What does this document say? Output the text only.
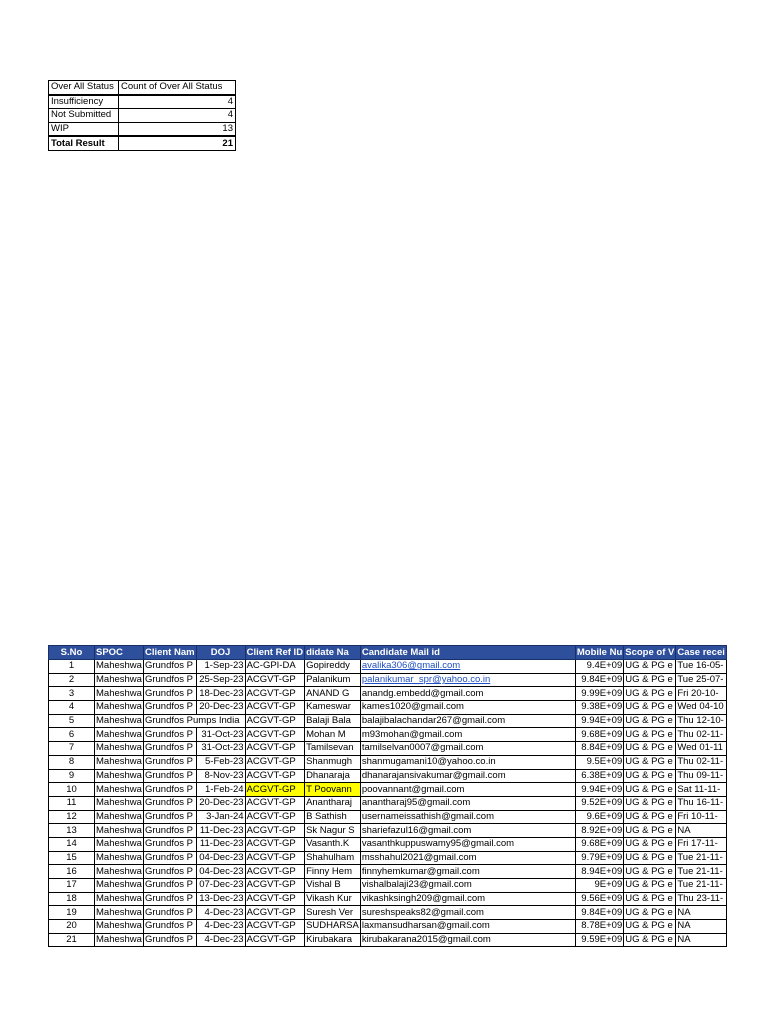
Over All Status	Count of Over All Status
Insufficiency	4
Not Submitted	4
WIP	13
Total Result	21
S.No	SPOC	Client Nam	DOJ	Client Ref ID	didate Na	Candidate Mail id	Mobile Nu	Scope of V	Case recei
1	Maheshwa	Grundfos P	1-Sep-23	AC-GPI-DA	Gopireddy	avalika306@gmail.com	9.4E+09	UG & PG e	Tue 16-05-
2	Maheshwa	Grundfos P	25-Sep-23	ACGVT-GP	Palanikum	palanikumar_spr@yahoo.co.in	9.84E+09	UG & PG e	Tue 25-07-
3	Maheshwa	Grundfos P	18-Dec-23	ACGVT-GP	ANAND G	anandg.embedd@gmail.com	9.99E+09	UG & PG e	Fri 20-10-
4	Maheshwa	Grundfos P	20-Dec-23	ACGVT-GP	Kameswar	kames1020@gmail.com	9.38E+09	UG & PG e	Wed 04-10
5	Maheshwa	Grundfos Pumps India		ACGVT-GP	Balaji Bala	balajibalachandar267@gmail.com	9.94E+09	UG & PG e	Thu 12-10-
6	Maheshwa	Grundfos P	31-Oct-23	ACGVT-GP	Mohan M	m93mohan@gmail.com	9.68E+09	UG & PG e	Thu 02-11-
7	Maheshwa	Grundfos P	31-Oct-23	ACGVT-GP	Tamilsevan	tamilselvan0007@gmail.com	8.84E+09	UG & PG e	Wed 01-11
8	Maheshwa	Grundfos P	5-Feb-23	ACGVT-GP	Shanmugh	shanmugamani10@yahoo.co.in	9.5E+09	UG & PG e	Thu 02-11-
9	Maheshwa	Grundfos P	8-Nov-23	ACGVT-GP	Dhanaraja	dhanarajansivakumar@gmail.com	6.38E+09	UG & PG e	Thu 09-11-
10	Maheshwa	Grundfos P	1-Feb-24	ACGVT-GP	T Poovann	poovannant@gmail.com	9.94E+09	UG & PG e	Sat 11-11-
11	Maheshwa	Grundfos P	20-Dec-23	ACGVT-GP	Anantharaj	anantharaj95@gmail.com	9.52E+09	UG & PG e	Thu 16-11-
12	Maheshwa	Grundfos P	3-Jan-24	ACGVT-GP	B Sathish	usernameissathish@gmail.com	9.6E+09	UG & PG e	Fri 10-11-
13	Maheshwa	Grundfos P	11-Dec-23	ACGVT-GP	Sk Nagur S	shariefazul16@gmail.com	8.92E+09	UG & PG e	NA
14	Maheshwa	Grundfos P	11-Dec-23	ACGVT-GP	Vasanth.K	vasanthkuppuswamy95@gmail.com	9.68E+09	UG & PG e	Fri 17-11-
15	Maheshwa	Grundfos P	04-Dec-23	ACGVT-GP	Shahulham	msshahul2021@gmail.com	9.79E+09	UG & PG e	Tue 21-11-
16	Maheshwa	Grundfos P	04-Dec-23	ACGVT-GP	Finny Hem	finnyhemkumar@gmail.com	8.94E+09	UG & PG e	Tue 21-11-
17	Maheshwa	Grundfos P	07-Dec-23	ACGVT-GP	Vishal B	vishalbalaji23@gmail.com	9E+09	UG & PG e	Tue 21-11-
18	Maheshwa	Grundfos P	13-Dec-23	ACGVT-GP	Vikash Kur	vikashksingh209@gmail.com	9.56E+09	UG & PG e	Thu 23-11-
19	Maheshwa	Grundfos P	4-Dec-23	ACGVT-GP	Suresh Ver	sureshspeaks82@gmail.com	9.84E+09	UG & PG e	NA
20	Maheshwa	Grundfos P	4-Dec-23	ACGVT-GP	SUDHARSA	laxmansudharsan@gmail.com	8.78E+09	UG & PG e	NA
21	Maheshwa	Grundfos P	4-Dec-23	ACGVT-GP	Kirubakara	kirubakarana2015@gmail.com	9.59E+09	UG & PG e	NA
